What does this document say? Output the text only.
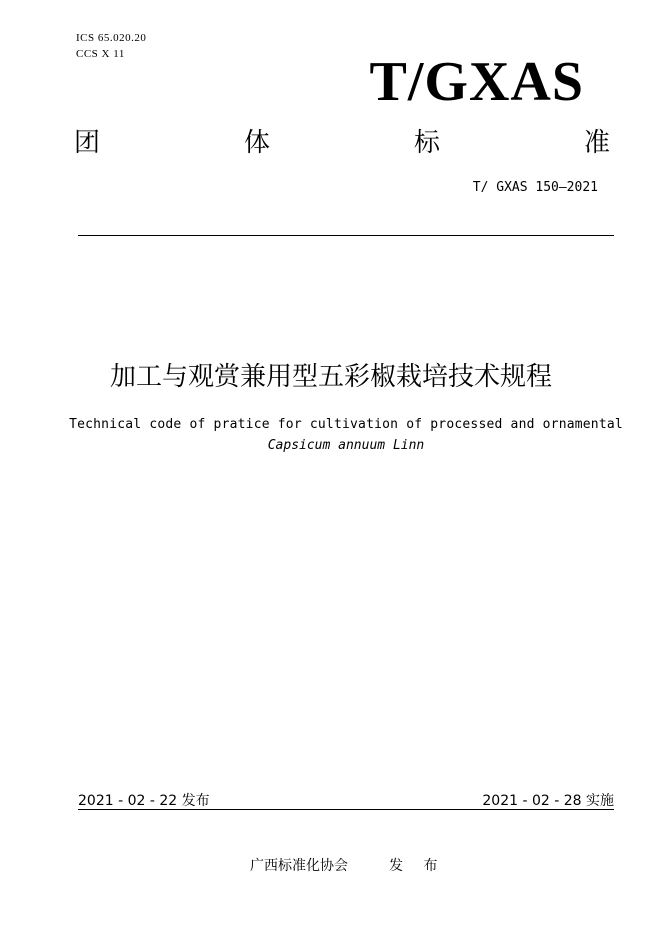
ICS 65.020.20
CCS X 11	T/GXAS
团	体	标	准
T/ GXAS 150—2021
加工与观赏兼用型五彩椒栽培技术规程
Technical code of pratice for cultivation of processed and ornamental
Capsicum annuum Linn
2021 - 02 - 22 发布	2021 - 02 - 28 实施
广西标准化协会	发 布
